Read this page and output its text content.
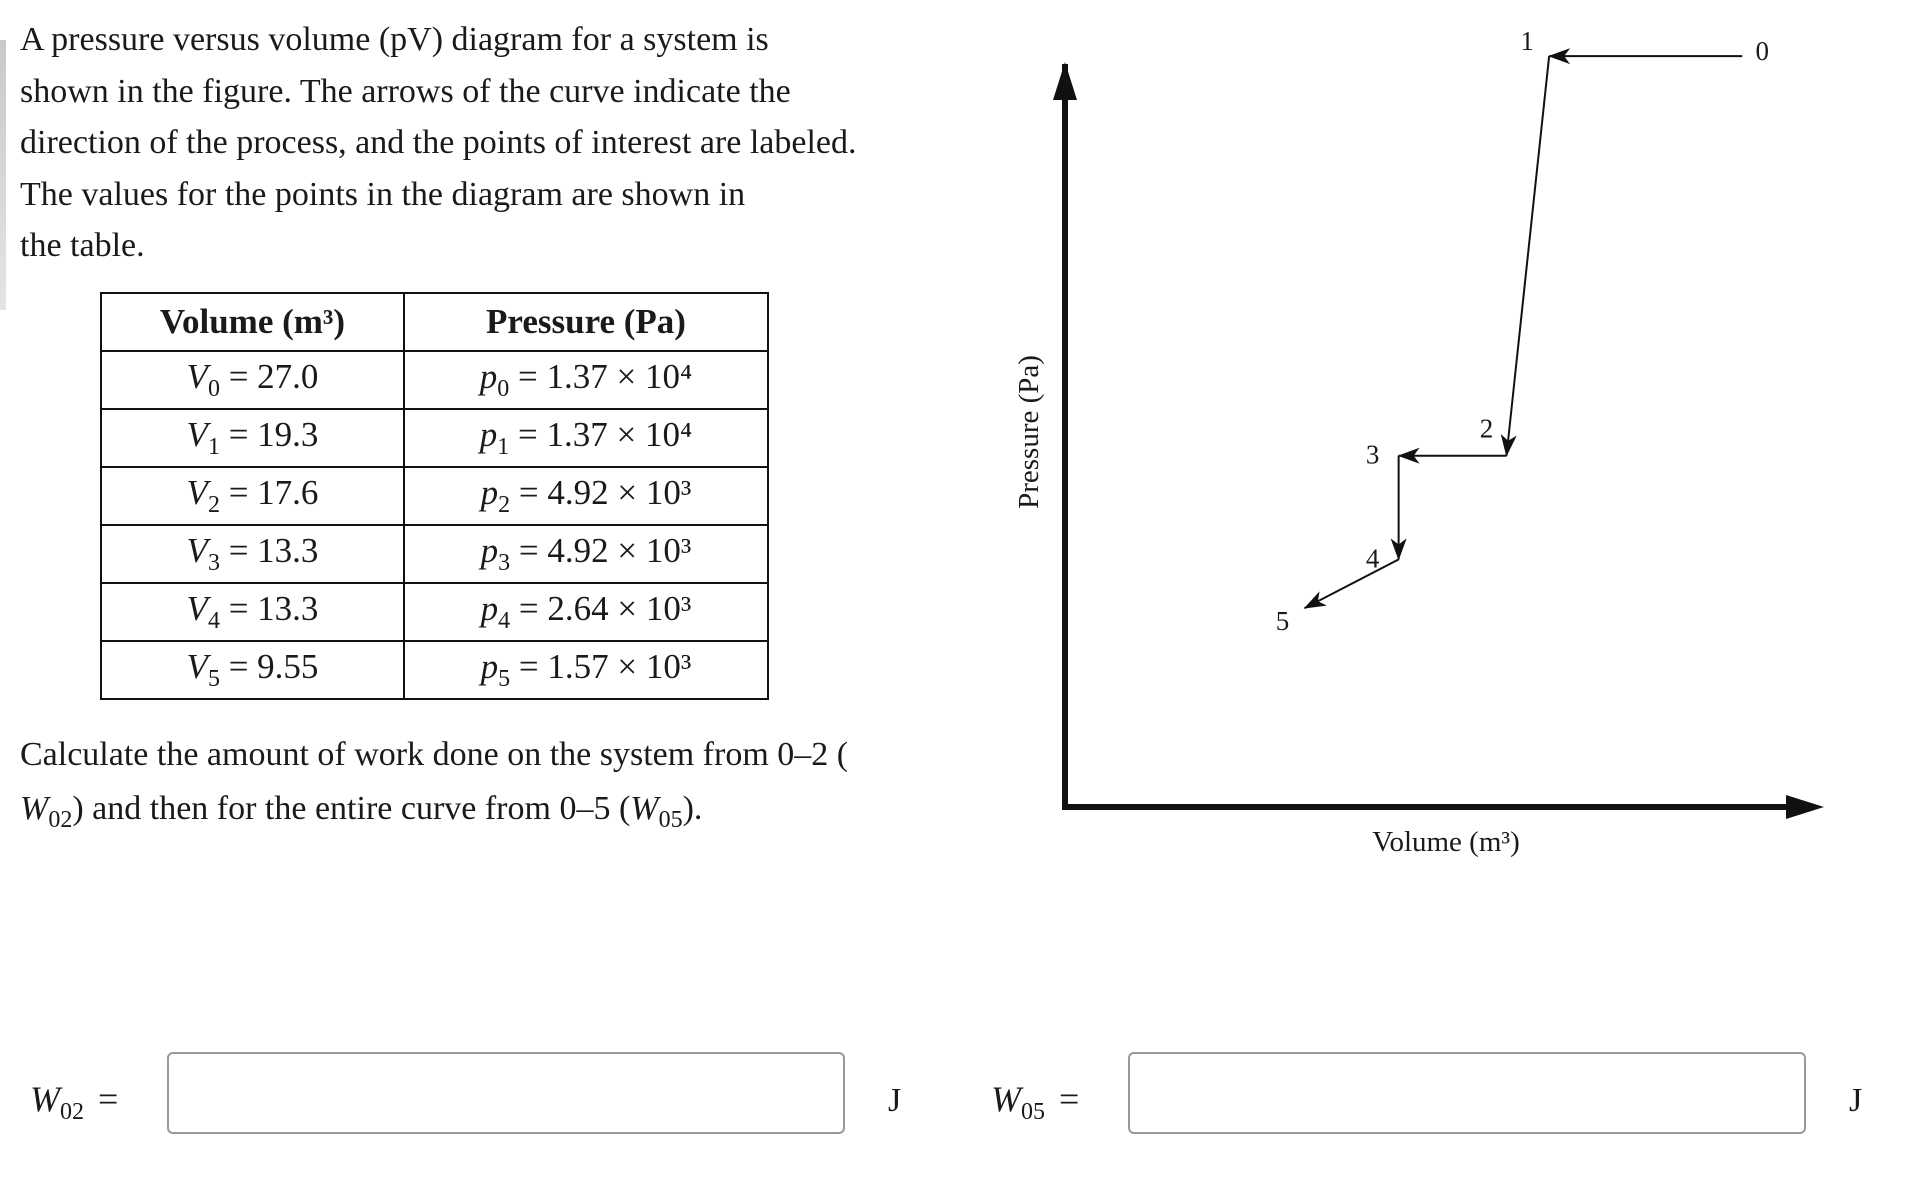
A pressure versus volume (pV) diagram for a system is

shown in the figure. The arrows of the curve indicate the

direction of the process, and the points of interest are labeled.

The values for the points in the diagram are shown in

the table.

Volume (m³)	Pressure (Pa)
$V_0 = 27.0$	$p_0 = 1.37 \times 10^4$
$V_1 = 19.3$	$p_1 = 1.37 \times 10^4$
$V_2 = 17.6$	$p_2 = 4.92 \times 10^3$
$V_3 = 13.3$	$p_3 = 4.92 \times 10^3$
$V_4 = 13.3$	$p_4 = 2.64 \times 10^3$
$V_5 = 9.55$	$p_5 = 1.57 \times 10^3$
Calculate the amount of work done on the system from 0–2 (
$W_{02}$) and then for the entire curve from 0–5 $(W_{05})$.
Pressure (Pa)
Volume (m³)
0
1
2
3
4
5
$W_{02}$ =	J $W_{05}$ =	J
